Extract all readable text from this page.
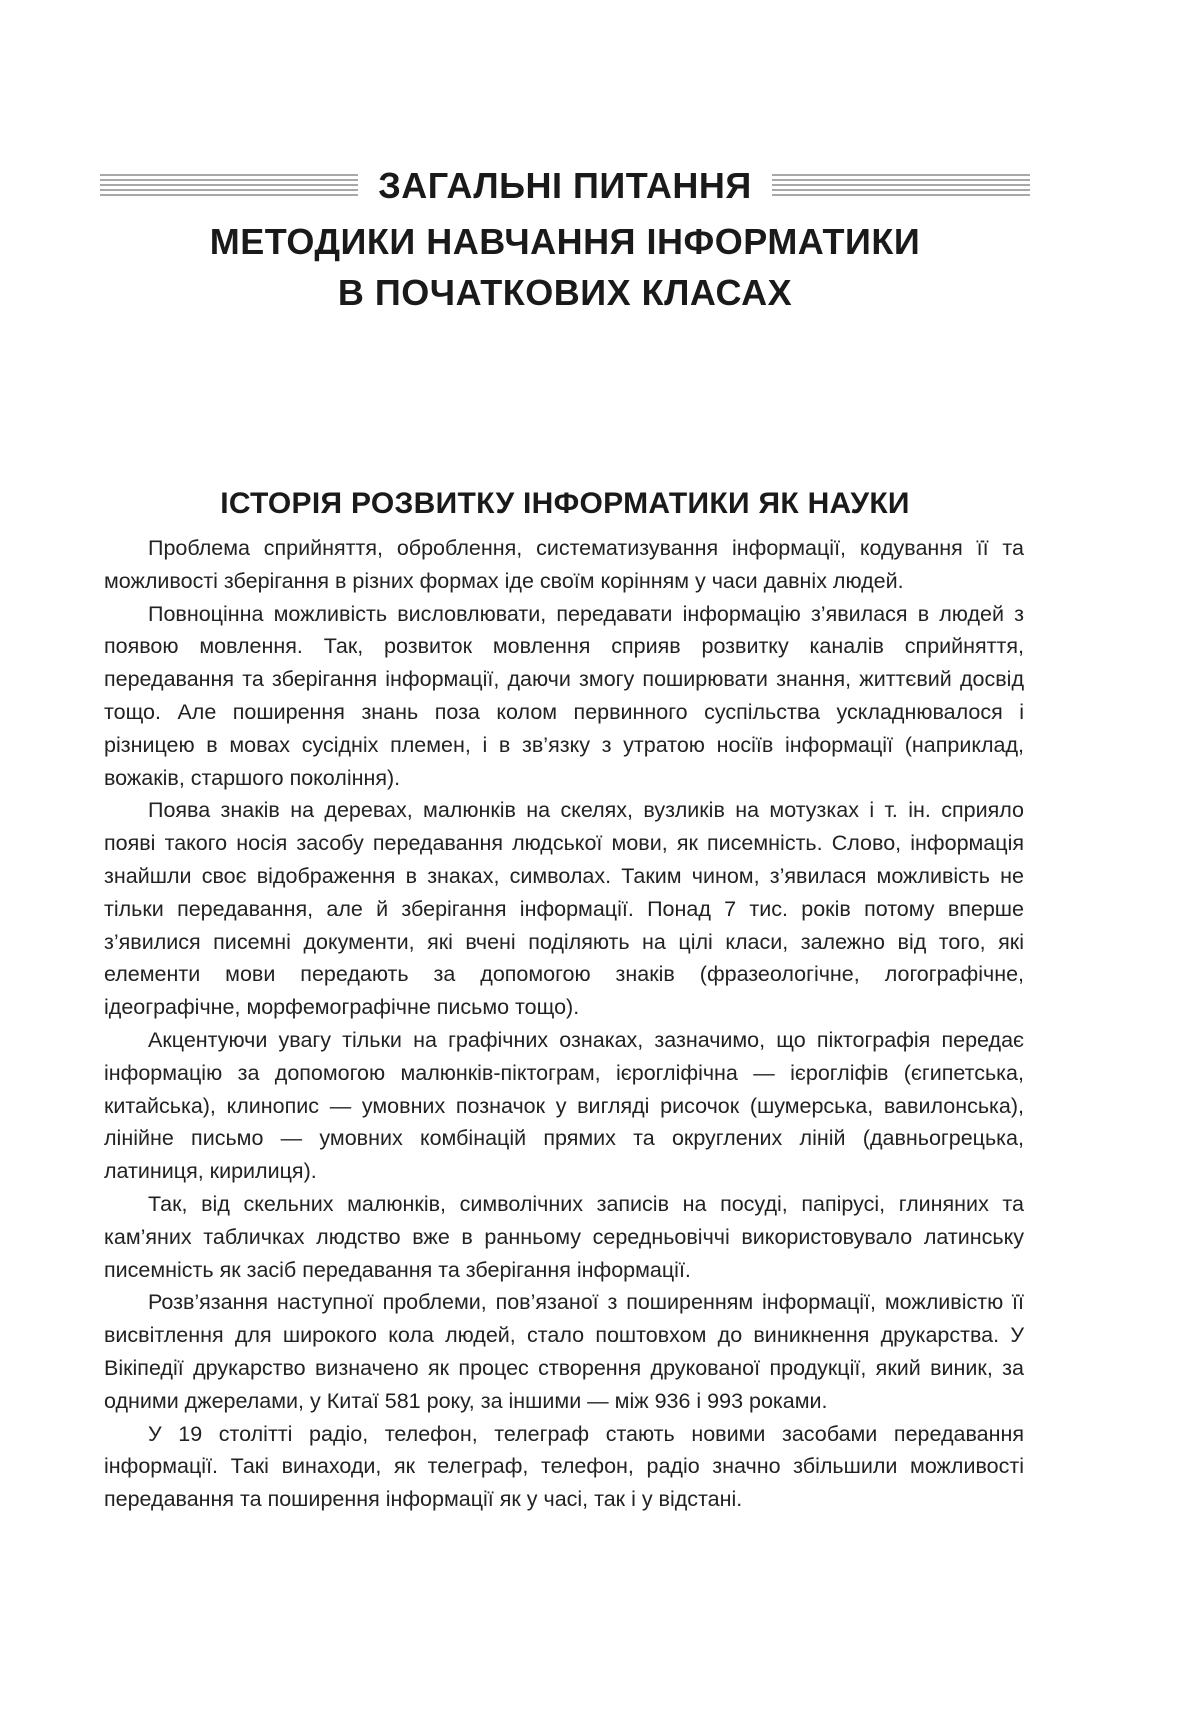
ЗАГАЛЬНІ ПИТАННЯ
МЕТОДИКИ НАВЧАННЯ ІНФОРМАТИКИ
В ПОЧАТКОВИХ КЛАСАХ
ІСТОРІЯ РОЗВИТКУ ІНФОРМАТИКИ ЯК НАУКИ

Проблема сприйняття, оброблення, систематизування інформації, кодування її та можливості зберігання в різних формах іде своїм корінням у часи давніх людей.

Повноцінна можливість висловлювати, передавати інформацію з’явилася в людей з появою мовлення. Так, розвиток мовлення сприяв розвитку каналів сприйняття, передавання та зберігання інформації, даючи змогу поширювати знання, життєвий досвід тощо. Але поширення знань поза колом первинного суспільства ускладнювалося і різницею в мовах сусідніх племен, і в зв’язку з утратою носіїв інформації (наприклад, вожаків, старшого покоління).

Поява знаків на деревах, малюнків на скелях, вузликів на мотузках і т. ін. сприяло появі такого носія засобу передавання людської мови, як писемність. Слово, інформація знайшли своє відображення в знаках, символах. Таким чином, з’явилася можливість не тільки передавання, але й зберігання інформації. Понад 7 тис. років потому вперше з’явилися писемні документи, які вчені поділяють на цілі класи, залежно від того, які елементи мови передають за допомогою знаків (фразеологічне, логографічне, ідеографічне, морфемографічне письмо тощо).

Акцентуючи увагу тільки на графічних ознаках, зазначимо, що піктографія передає інформацію за допомогою малюнків-піктограм, ієрогліфічна — ієрогліфів (єгипетська, китайська), клинопис — умовних позначок у вигляді рисочок (шумерська, вавилонська), лінійне письмо — умовних комбінацій прямих та округлених ліній (давньогрецька, латиниця, кирилиця).

Так, від скельних малюнків, символічних записів на посуді, папірусі, глиняних та кам’яних табличках людство вже в ранньому середньовіччі використовувало латинську писемність як засіб передавання та зберігання інформації.

Розв’язання наступної проблеми, пов’язаної з поширенням інформації, можливістю її висвітлення для широкого кола людей, стало поштовхом до виникнення друкарства. У Вікіпедії друкарство визначено як процес створення друкованої продукції, який виник, за одними джерелами, у Китаї 581 року, за іншими — між 936 і 993 роками.

У 19 столітті радіо, телефон, телеграф стають новими засобами передавання інформації. Такі винаходи, як телеграф, телефон, радіо значно збільшили можливості передавання та поширення інформації як у часі, так і у відстані.
